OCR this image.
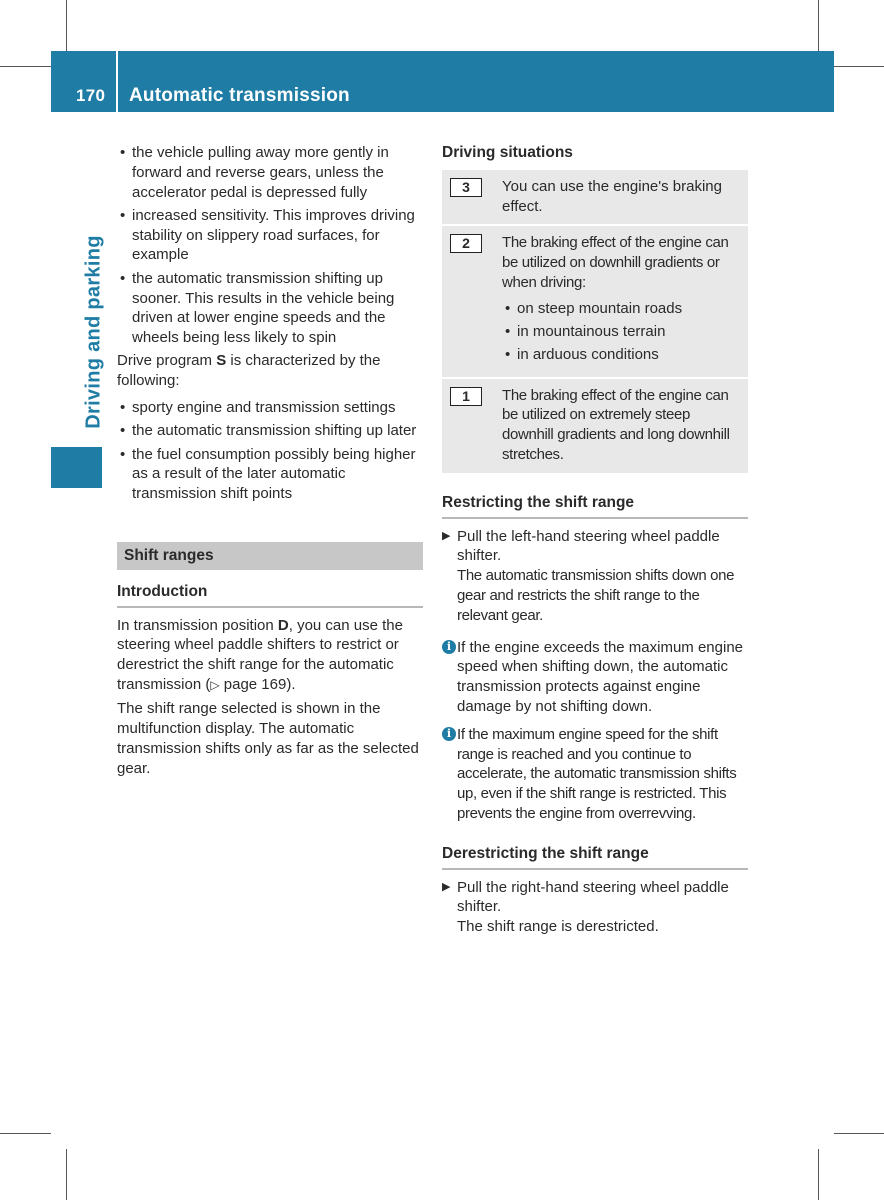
170 Automatic transmission
Driving and parking
• the vehicle pulling away more gently in forward and reverse gears, unless the accelerator pedal is depressed fully
• increased sensitivity. This improves driving stability on slippery road surfaces, for example
• the automatic transmission shifting up sooner. This results in the vehicle being driven at lower engine speeds and the wheels being less likely to spin

Drive program S is characterized by the following:

• sporty engine and transmission settings
• the automatic transmission shifting up later
• the fuel consumption possibly being higher as a result of the later automatic transmission shift points
Shift ranges
Introduction

In transmission position D, you can use the steering wheel paddle shifters to restrict or derestrict the shift range for the automatic transmission (▷ page 169).

The shift range selected is shown in the multifunction display. The automatic transmission shifts only as far as the selected gear.

Driving situations
3	You can use the engine's braking effect.
2	The braking effect of the engine can be utilized on downhill gradients or when driving:

• on steep mountain roads
• in mountainous terrain
• in arduous conditions
1	The braking effect of the engine can be utilized on extremely steep downhill gradients and long downhill stretches.
Restricting the shift range
▶ Pull the left-hand steering wheel paddle shifter.

The automatic transmission shifts down one gear and restricts the shift range to the relevant gear.

i If the engine exceeds the maximum engine speed when shifting down, the automatic transmission protects against engine damage by not shifting down.

i If the maximum engine speed for the shift range is reached and you continue to accelerate, the automatic transmission shifts up, even if the shift range is restricted. This prevents the engine from overrevving.

Derestricting the shift range
▶ Pull the right-hand steering wheel paddle shifter.

The shift range is derestricted.
